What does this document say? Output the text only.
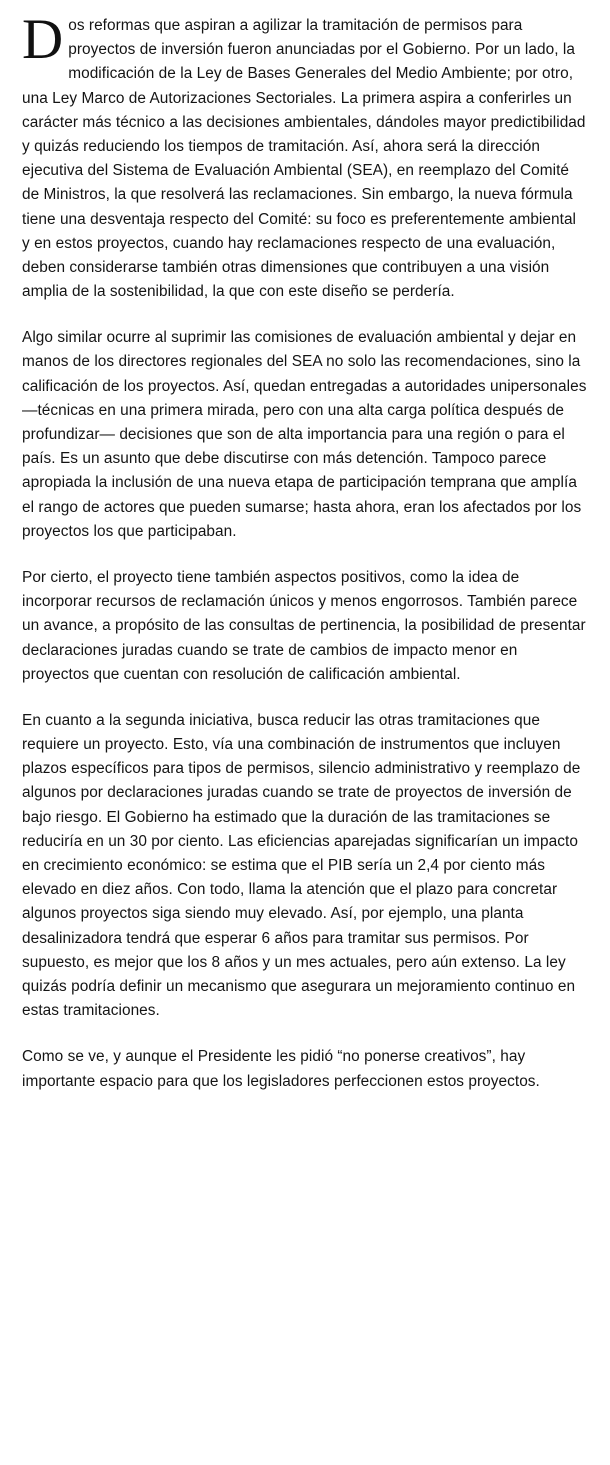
Dos reformas que aspiran a agilizar la tramitación de permisos para proyectos de inversión fueron anunciadas por el Gobierno. Por un lado, la modificación de la Ley de Bases Generales del Medio Ambiente; por otro, una Ley Marco de Autorizaciones Sectoriales. La primera aspira a conferirles un carácter más técnico a las decisiones ambientales, dándoles mayor predictibilidad y quizás reduciendo los tiempos de tramitación. Así, ahora será la dirección ejecutiva del Sistema de Evaluación Ambiental (SEA), en reemplazo del Comité de Ministros, la que resolverá las reclamaciones. Sin embargo, la nueva fórmula tiene una desventaja respecto del Comité: su foco es preferentemente ambiental y en estos proyectos, cuando hay reclamaciones respecto de una evaluación, deben considerarse también otras dimensiones que contribuyen a una visión amplia de la sostenibilidad, la que con este diseño se perdería.

Algo similar ocurre al suprimir las comisiones de evaluación ambiental y dejar en manos de los directores regionales del SEA no solo las recomendaciones, sino la calificación de los proyectos. Así, quedan entregadas a autoridades unipersonales —técnicas en una primera mirada, pero con una alta carga política después de profundizar— decisiones que son de alta importancia para una región o para el país. Es un asunto que debe discutirse con más detención. Tampoco parece apropiada la inclusión de una nueva etapa de participación temprana que amplía el rango de actores que pueden sumarse; hasta ahora, eran los afectados por los proyectos los que participaban.

Por cierto, el proyecto tiene también aspectos positivos, como la idea de incorporar recursos de reclamación únicos y menos engorrosos. También parece un avance, a propósito de las consultas de pertinencia, la posibilidad de presentar declaraciones juradas cuando se trate de cambios de impacto menor en proyectos que cuentan con resolución de calificación ambiental.

En cuanto a la segunda iniciativa, busca reducir las otras tramitaciones que requiere un proyecto. Esto, vía una combinación de instrumentos que incluyen plazos específicos para tipos de permisos, silencio administrativo y reemplazo de algunos por declaraciones juradas cuando se trate de proyectos de inversión de bajo riesgo. El Gobierno ha estimado que la duración de las tramitaciones se reduciría en un 30 por ciento. Las eficiencias aparejadas significarían un impacto en crecimiento económico: se estima que el PIB sería un 2,4 por ciento más elevado en diez años. Con todo, llama la atención que el plazo para concretar algunos proyectos siga siendo muy elevado. Así, por ejemplo, una planta desalinizadora tendrá que esperar 6 años para tramitar sus permisos. Por supuesto, es mejor que los 8 años y un mes actuales, pero aún extenso. La ley quizás podría definir un mecanismo que asegurara un mejoramiento continuo en estas tramitaciones.

Como se ve, y aunque el Presidente les pidió “no ponerse creativos”, hay importante espacio para que los legisladores perfeccionen estos proyectos.
